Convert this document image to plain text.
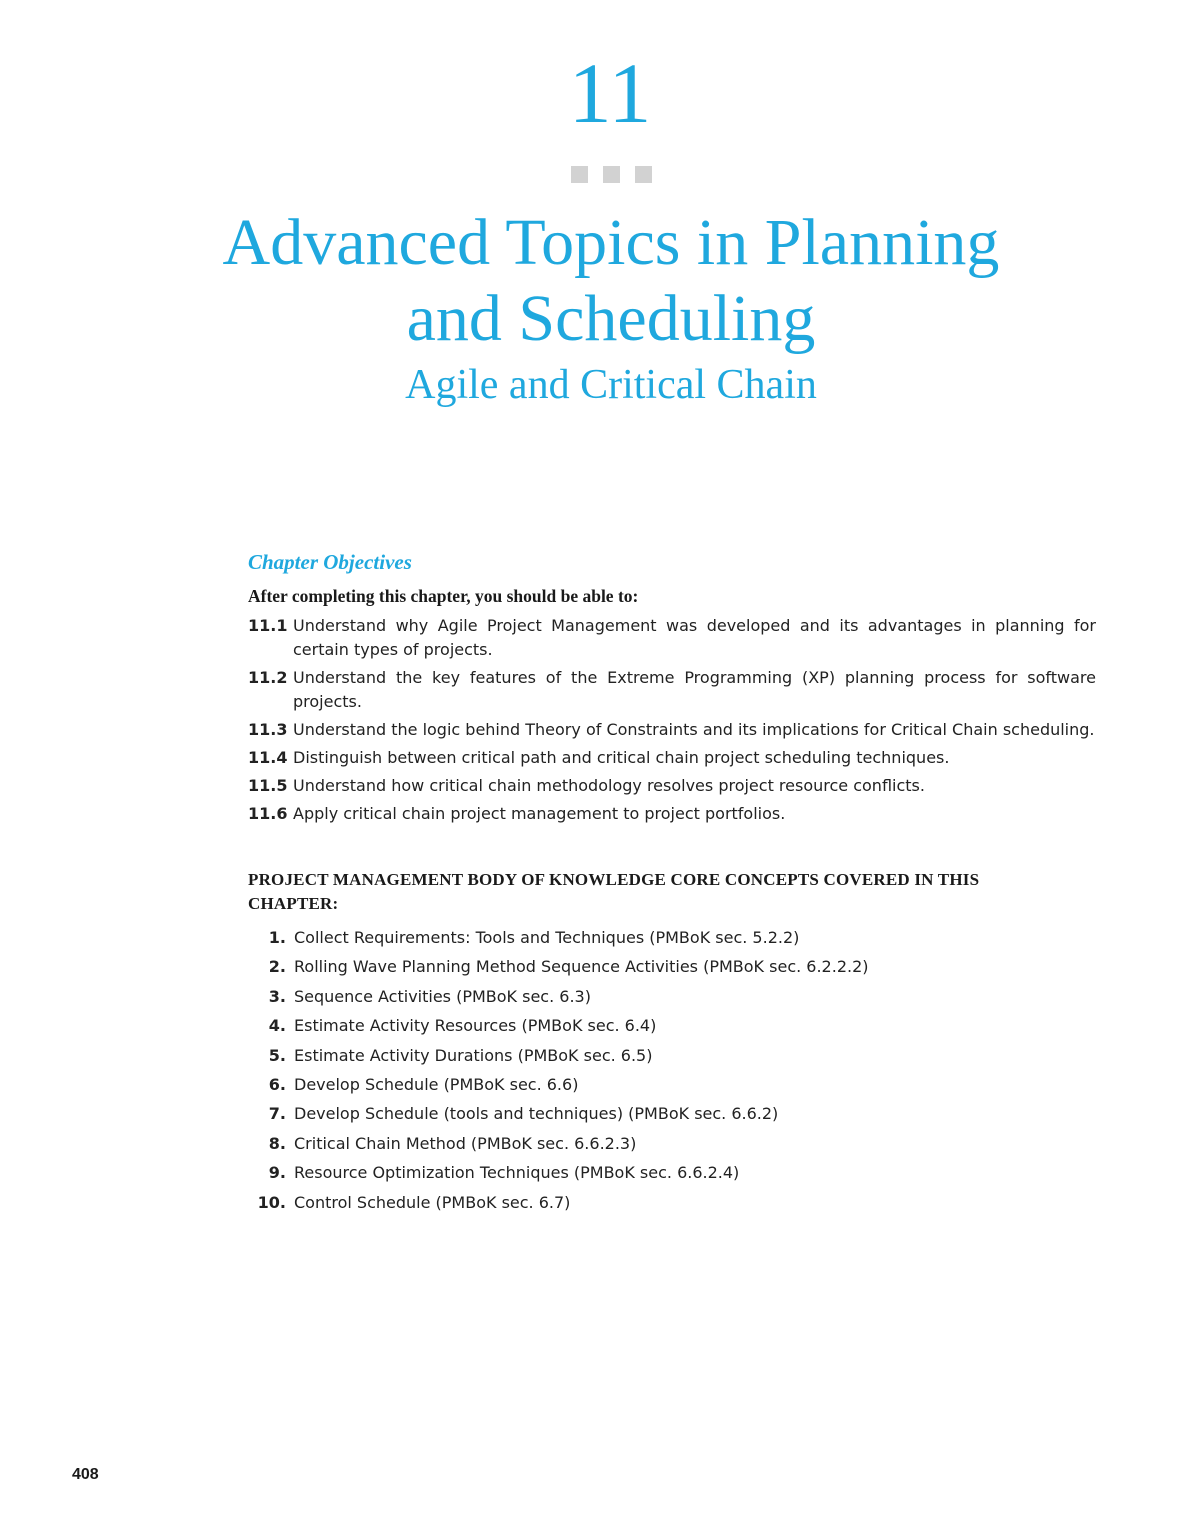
11
Advanced Topics in Planning
and Scheduling
Agile and Critical Chain
Chapter Objectives
After completing this chapter, you should be able to:
11.1 Understand why Agile Project Management was developed and its advantages in planning for certain types of projects.
11.2 Understand the key features of the Extreme Programming (XP) planning process for software projects.
11.3 Understand the logic behind Theory of Constraints and its implications for Critical Chain scheduling.
11.4 Distinguish between critical path and critical chain project scheduling techniques.
11.5 Understand how critical chain methodology resolves project resource conflicts.
11.6 Apply critical chain project management to project portfolios.
PROJECT MANAGEMENT BODY OF KNOWLEDGE CORE CONCEPTS COVERED IN THIS CHAPTER:
1. Collect Requirements: Tools and Techniques (PMBoK sec. 5.2.2)
2. Rolling Wave Planning Method Sequence Activities (PMBoK sec. 6.2.2.2)
3. Sequence Activities (PMBoK sec. 6.3)
4. Estimate Activity Resources (PMBoK sec. 6.4)
5. Estimate Activity Durations (PMBoK sec. 6.5)
6. Develop Schedule (PMBoK sec. 6.6)
7. Develop Schedule (tools and techniques) (PMBoK sec. 6.6.2)
8. Critical Chain Method (PMBoK sec. 6.6.2.3)
9. Resource Optimization Techniques (PMBoK sec. 6.6.2.4)
10. Control Schedule (PMBoK sec. 6.7)
408
